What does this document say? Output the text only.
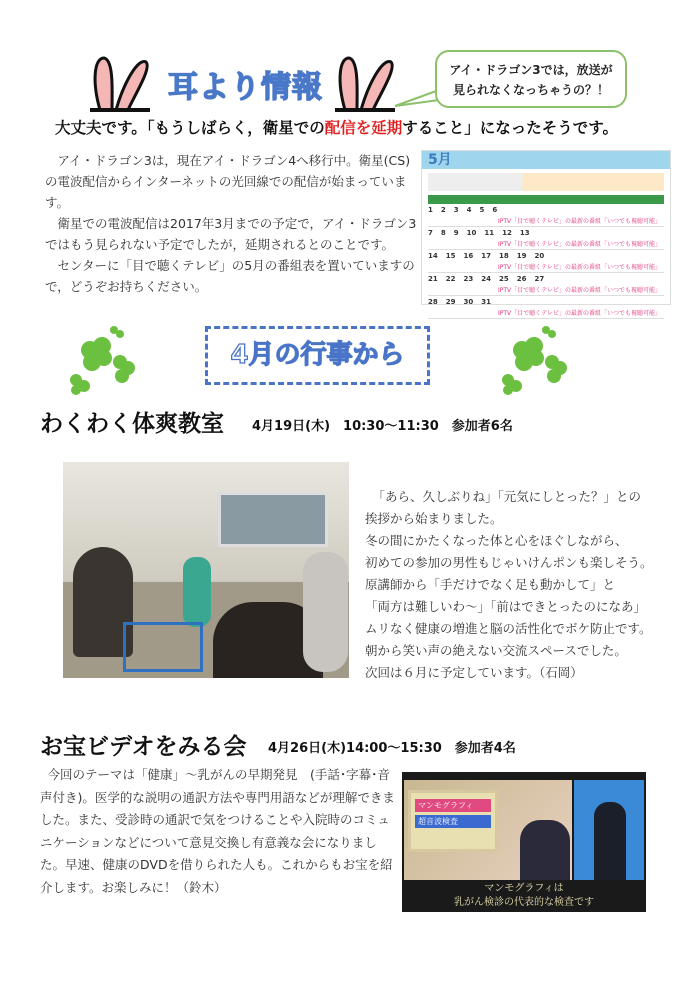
耳より情報	アイ・ドラゴン3では，放送が
見られなくなっちゃうの？！
大丈夫です。「もうしばらく，衛星での配信を延期すること」になったそうです。

アイ・ドラゴン3は，現在アイ・ドラゴン4へ移行中。衛星(CS)の電波配信からインターネットの光回線での配信が始まっています。

衛星での電波配信は2017年3月までの予定で，アイ・ドラゴン3ではもう見られない予定でしたが，延期されるとのことです。

センターに「目で聴くテレビ」の5月の番組表を置いていますので，どうぞお持ちください。

5月
1 2 3 4 5 6
IPTV「目で聴くテレビ」の最新の番組「いつでも視聴可能」
7 8 9 10 11 12 13
IPTV「目で聴くテレビ」の最新の番組「いつでも視聴可能」
14 15 16 17 18 19 20
IPTV「目で聴くテレビ」の最新の番組「いつでも視聴可能」
21 22 23 24 25 26 27
IPTV「目で聴くテレビ」の最新の番組「いつでも視聴可能」
28 29 30 31
IPTV「目で聴くテレビ」の最新の番組「いつでも視聴可能」
4月の行事から
わくわく体爽教室 4月19日(木)　10:30～11:30　参加者6名
「あら、久しぶりね」「元気にしとった？」との
挨拶から始まりました。
冬の間にかたくなった体と心をほぐしながら、
初めての参加の男性もじゃいけんポンも楽しそう。
原講師から「手だけでなく足も動かして」と
「両方は難しいわ～」「前はできとったのになあ」
ムリなく健康の増進と脳の活性化でボケ防止です。
朝から笑い声の絶えない交流スペースでした。
次回は６月に予定しています。（石岡）
お宝ビデオをみる会 4月26日(木)14:00～15:30　参加者4名
今回のテーマは「健康」～乳がんの早期発見　(手話･字幕･音声付き)。医学的な説明の通訳方法や専門用語などが理解できました。また、受診時の通訳で気をつけることや入院時のコミュニケーションなどについて意見交換し有意義な会になりました。早速、健康のDVDを借りられた人も。これからもお宝を紹介します。お楽しみに！（鈴木）
マンモグラフィ
超音波検査
マンモグラフィは
乳がん検診の代表的な検査です
